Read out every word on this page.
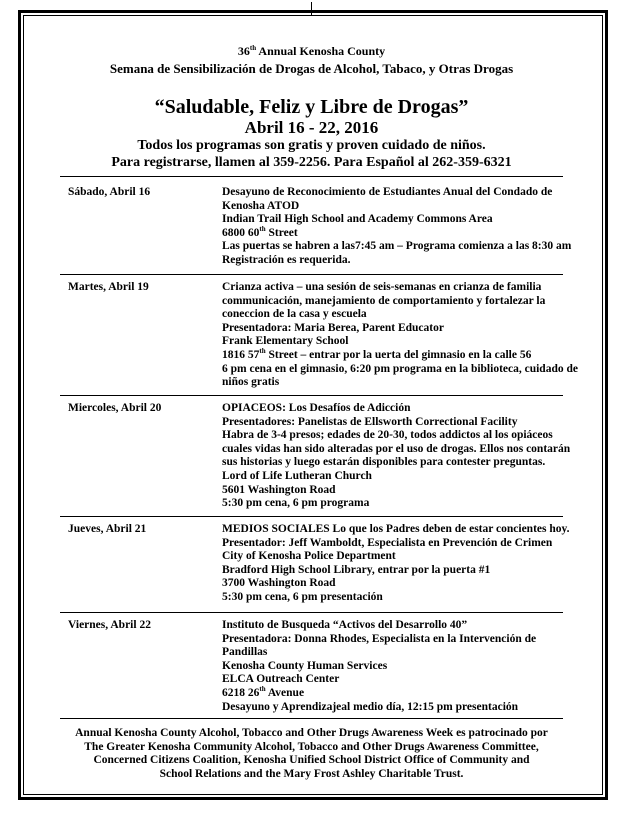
36th Annual Kenosha County
Semana de Sensibilización de Drogas de Alcohol, Tabaco, y Otras Drogas
“Saludable, Feliz y Libre de Drogas”
Abril 16 - 22, 2016
Todos los programas son gratis y proven cuidado de niños.
Para registrarse, llamen al 359-2256. Para Español al 262-359-6321
Sábado, Abril 16	Desayuno de Reconocimiento de Estudiantes Anual del Condado de
Kenosha ATOD
Indian Trail High School and Academy Commons Area
6800 60th Street
Las puertas se habren a las7:45 am – Programa comienza a las 8:30 am
Registración es requerida.
Martes, Abril 19	Crianza activa – una sesión de seis-semanas en crianza de familia
communicación, manejamiento de comportamiento y fortalezar la
coneccion de la casa y escuela
Presentadora: Maria Berea, Parent Educator
Frank Elementary School
1816 57th Street – entrar por la uerta del gimnasio en la calle 56
6 pm cena en el gimnasio, 6:20 pm programa en la biblioteca, cuidado de
niños gratis
Miercoles, Abril 20	OPIACEOS: Los Desafíos de Adicción
Presentadores: Panelistas de Ellsworth Correctional Facility
Habra de 3-4 presos; edades de 20-30, todos addictos al los opiáceos
cuales vidas han sido alteradas por el uso de drogas. Ellos nos contarán
sus historias y luego estarán disponibles para contester preguntas.
Lord of Life Lutheran Church
5601 Washington Road
5:30 pm cena, 6 pm programa
Jueves, Abril 21	MEDIOS SOCIALES Lo que los Padres deben de estar concientes hoy.
Presentador: Jeff Wamboldt, Especialista en Prevención de Crimen
City of Kenosha Police Department
Bradford High School Library, entrar por la puerta #1
3700 Washington Road
5:30 pm cena, 6 pm presentación
Viernes, Abril 22	Instituto de Busqueda “Activos del Desarrollo 40”
Presentadora: Donna Rhodes, Especialista en la Intervención de
Pandillas
Kenosha County Human Services
ELCA Outreach Center
6218 26th Avenue
Desayuno y Aprendizajeal medio día, 12:15 pm presentación
Annual Kenosha County Alcohol, Tobacco and Other Drugs Awareness Week es patrocinado por
The Greater Kenosha Community Alcohol, Tobacco and Other Drugs Awareness Committee,
Concerned Citizens Coalition, Kenosha Unified School District Office of Community and
School Relations and the Mary Frost Ashley Charitable Trust.
